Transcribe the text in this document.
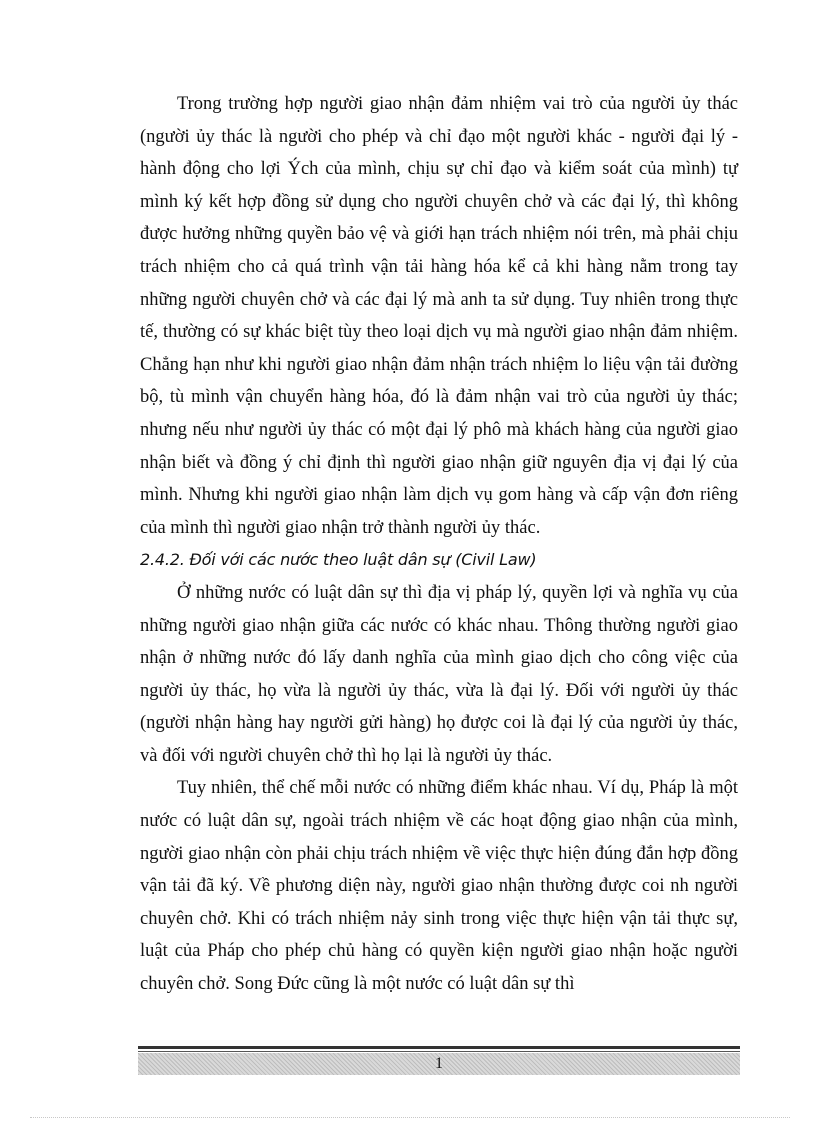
Trong trường hợp người giao nhận đảm nhiệm vai trò của người ủy thác (người ủy thác là người cho phép và chỉ đạo một người khác - người đại lý - hành động cho lợi Ých của mình, chịu sự chỉ đạo và kiểm soát của mình) tự mình ký kết hợp đồng sử dụng cho người chuyên chở và các đại lý, thì không được hưởng những quyền bảo vệ và giới hạn trách nhiệm nói trên, mà phải chịu trách nhiệm cho cả quá trình vận tải hàng hóa kể cả khi hàng nằm trong tay những người chuyên chở và các đại lý mà anh ta sử dụng. Tuy nhiên trong thực tế, thường có sự khác biệt tùy theo loại dịch vụ mà người giao nhận đảm nhiệm. Chẳng hạn như khi người giao nhận đảm nhận trách nhiệm lo liệu vận tải đường bộ, tù mình vận chuyển hàng hóa, đó là đảm nhận vai trò của người ủy thác; nhưng nếu như người ủy thác có một đại lý phô mà khách hàng của người giao nhận biết và đồng ý chỉ định thì người giao nhận giữ nguyên địa vị đại lý của mình. Nhưng khi người giao nhận làm dịch vụ gom hàng và cấp vận đơn riêng của mình thì người giao nhận trở thành người ủy thác.

2.4.2. Đối với các nước theo luật dân sự (Civil Law)

Ở những nước có luật dân sự thì địa vị pháp lý, quyền lợi và nghĩa vụ của những người giao nhận giữa các nước có khác nhau. Thông thường người giao nhận ở những nước đó lấy danh nghĩa của mình giao dịch cho công việc của người ủy thác, họ vừa là người ủy thác, vừa là đại lý. Đối với người ủy thác (người nhận hàng hay người gửi hàng) họ được coi là đại lý của người ủy thác, và đối với người chuyên chở thì họ lại là người ủy thác.

Tuy nhiên, thể chế mỗi nước có những điểm khác nhau. Ví dụ, Pháp là một nước có luật dân sự, ngoài trách nhiệm về các hoạt động giao nhận của mình, người giao nhận còn phải chịu trách nhiệm về việc thực hiện đúng đắn hợp đồng vận tải đã ký. Về phương diện này, người giao nhận thường được coi nh người chuyên chở. Khi có trách nhiệm nảy sinh trong việc thực hiện vận tải thực sự, luật của Pháp cho phép chủ hàng có quyền kiện người giao nhận hoặc người chuyên chở. Song Đức cũng là một nước có luật dân sự thì

1
